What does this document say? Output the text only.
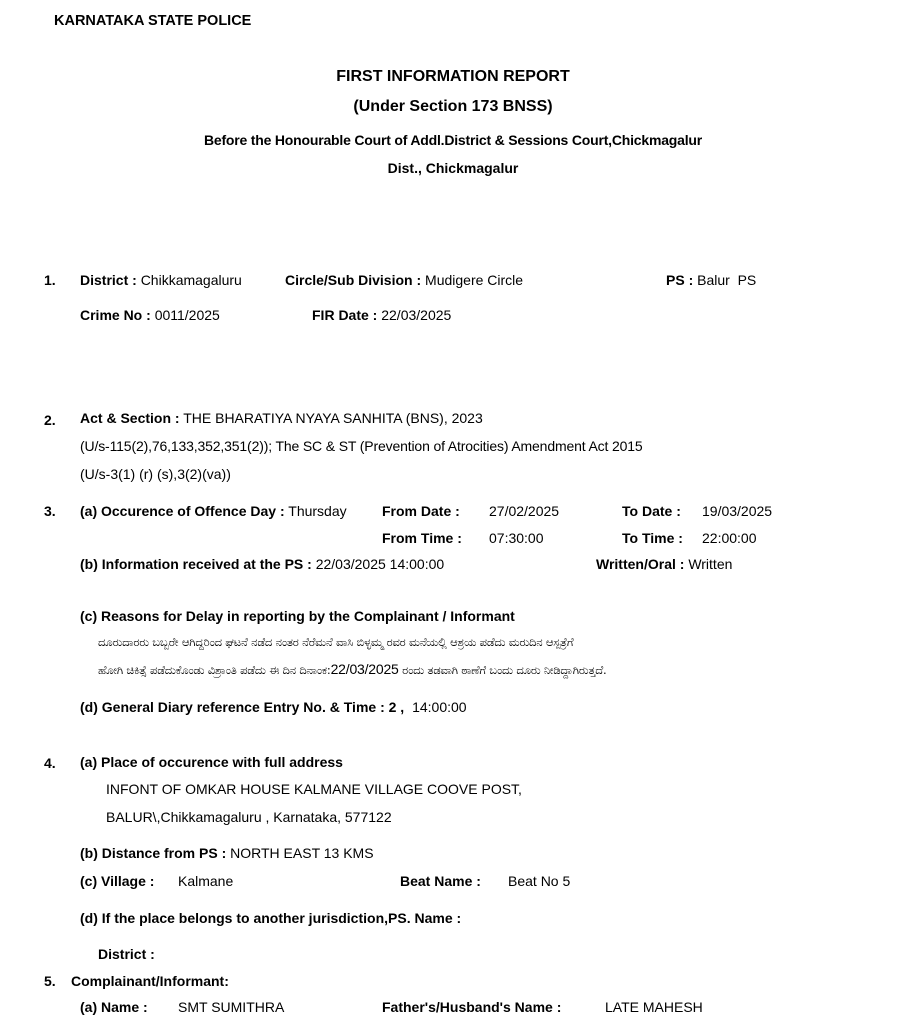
KARNATAKA STATE POLICE
FIRST INFORMATION REPORT
(Under Section 173 BNSS)
Before the Honourable Court of Addl.District & Sessions Court,Chickmagalur
Dist., Chickmagalur
1. District : Chikkamagaluru	Circle/Sub Division : Mudigere Circle	PS : Balur  PS
Crime No : 0011/2025	FIR Date : 22/03/2025
2. Act & Section : THE BHARATIYA NYAYA SANHITA (BNS), 2023
(U/s-115(2),76,133,352,351(2)); The SC & ST (Prevention of Atrocities) Amendment Act 2015
(U/s-3(1) (r) (s),3(2)(va))
3. (a) Occurence of Offence Day : Thursday	From Date : 27/02/2025	To Date : 19/03/2025
From Time : 07:30:00	To Time : 22:00:00
(b) Information received at the PS : 22/03/2025 14:00:00	Written/Oral : Written
(c) Reasons for Delay in reporting by the Complainant / Informant
ದೂರುದಾರರು ಬಬ್ಬರೇ ಆಗಿದ್ದರಿಂದ ಘಟನೆ ನಡೆದ ನಂತರ ನೆರೆಮನೆ ವಾಸಿ ಬಿಳ್ಳಮ್ಮ ರವರ ಮನೆಯಲ್ಲಿ ಆಶ್ರಯ ಪಡೆದು ಮರುದಿನ ಆಸ್ಪತ್ರೆಗೆ
ಹೋಗಿ ಚಿಕಿತ್ಸೆ ಪಡೆದುಕೊಂಡು ವಿಶ್ರಾಂತಿ ಪಡೆದು ಈ ದಿನ ದಿನಾಂಕ:22/03/2025 ರಂದು ತಡವಾಗಿ ಠಾಣೆಗೆ ಬಂದು ದೂರು ನೀಡಿದ್ದಾಗಿರುತ್ತದೆ.
(d) General Diary reference Entry No. & Time : 2 , 14:00:00
4. (a) Place of occurence with full address
INFONT OF OMKAR HOUSE KALMANE VILLAGE COOVE POST,
BALUR\,Chikkamagaluru , Karnataka, 577122
(b) Distance from PS : NORTH EAST 13 KMS
(c) Village : Kalmane	Beat Name : Beat No 5
(d) If the place belongs to another jurisdiction,PS. Name :
District :
5. Complainant/Informant:
(a) Name : SMT SUMITHRA	Father's/Husband's Name :	LATE MAHESH
